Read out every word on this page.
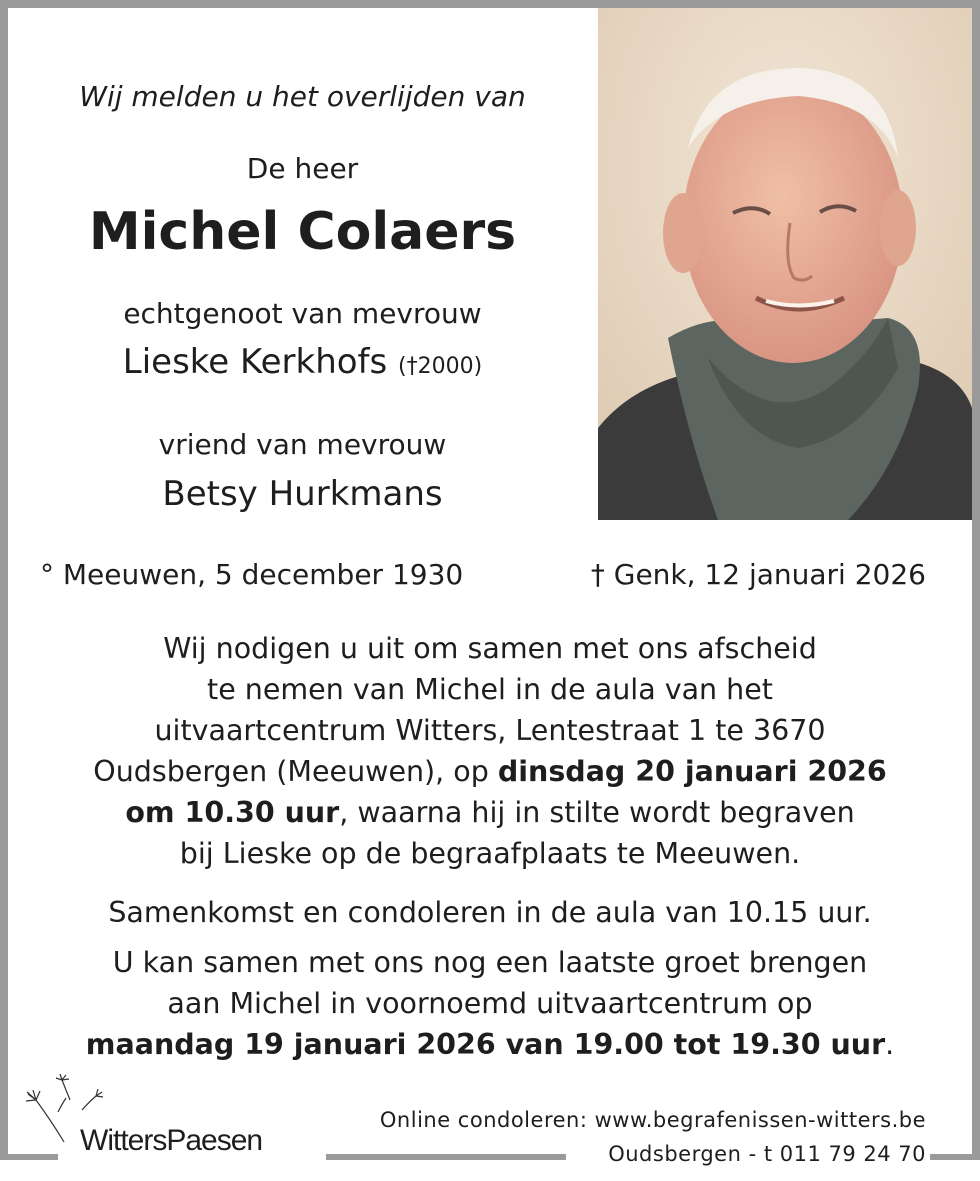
Wij melden u het overlijden van
De heer
Michel Colaers
echtgenoot van mevrouw
Lieske Kerkhofs (†2000)
vriend van mevrouw
Betsy Hurkmans
° Meeuwen, 5 december 1930	† Genk, 12 januari 2026
Wij nodigen u uit om samen met ons afscheid
te nemen van Michel in de aula van het
uitvaartcentrum Witters, Lentestraat 1 te 3670
Oudsbergen (Meeuwen), op dinsdag 20 januari 2026
om 10.30 uur, waarna hij in stilte wordt begraven
bij Lieske op de begraafplaats te Meeuwen.
Samenkomst en condoleren in de aula van 10.15 uur.
U kan samen met ons nog een laatste groet brengen
aan Michel in voornoemd uitvaartcentrum op
maandag 19 januari 2026 van 19.00 tot 19.30 uur.
WittersPaesen
Online condoleren: www.begrafenissen-witters.be
Oudsbergen - t 011 79 24 70
